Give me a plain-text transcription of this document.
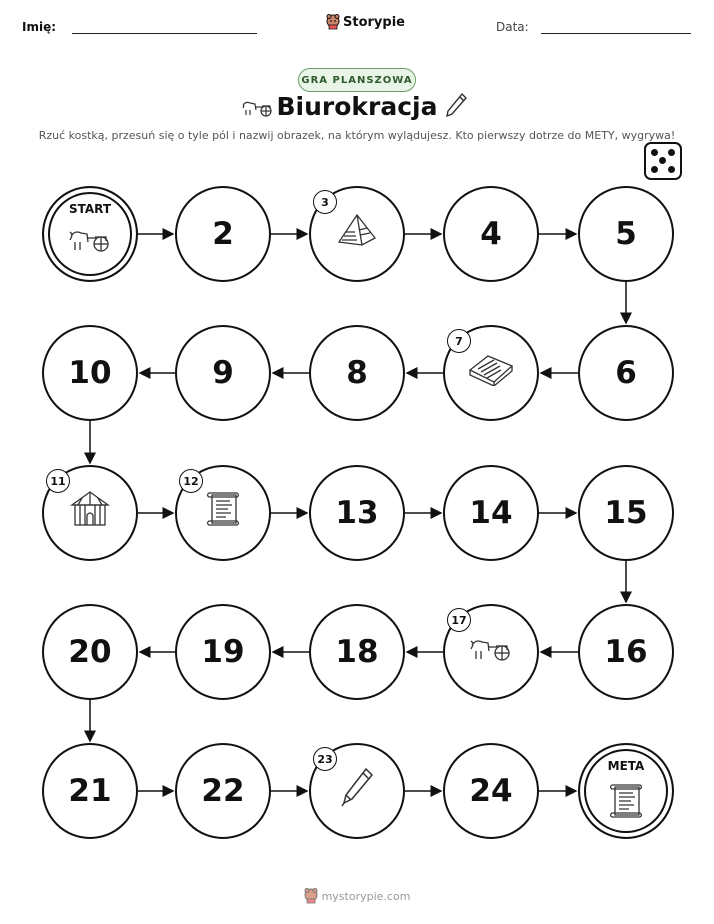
Imię:	Storypie	Data:
GRA PLANSZOWA
Biurokracja
Rzuć kostką, przesuń się o tyle pól i nazwij obrazek, na którym wylądujesz. Kto pierwszy dotrze do METY, wygrywa!
START
2
3
4	5
10	9	8
7
6
11	12
13	14	15
20	19	18
17
16
21	22
23
24
META
mystorypie.com
